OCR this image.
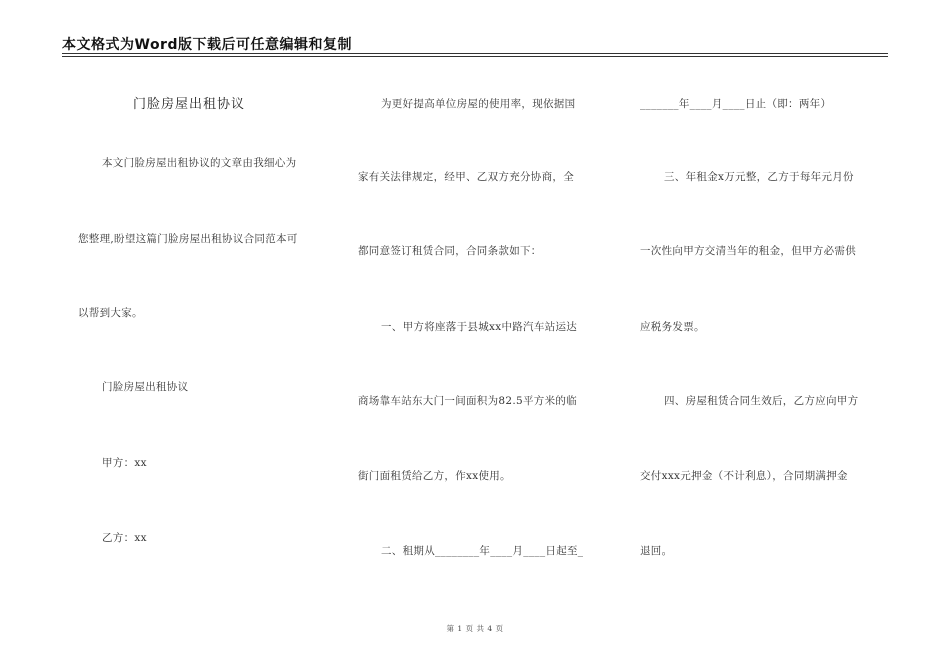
本文格式为Word版下载后可任意编辑和复制
门脸房屋出租协议
本文门脸房屋出租协议的文章由我细心为
您整理,盼望这篇门脸房屋出租协议合同范本可
以帮到大家。
门脸房屋出租协议
甲方：xx
乙方：xx
为更好提高单位房屋的使用率，现依据国
家有关法律规定，经甲、乙双方充分协商，全
都同意签订租赁合同，合同条款如下：
一、甲方将座落于县城xx中路汽车站运达
商场靠车站东大门一间面积为82.5平方米的临
街门面租赁给乙方，作xx使用。
二、租期从________年____月____日起至_
_______年____月____日止（即：两年）
三、年租金x万元整，乙方于每年元月份
一次性向甲方交清当年的租金，但甲方必需供
应税务发票。
四、房屋租赁合同生效后，乙方应向甲方
交付xxx元押金（不计利息），合同期满押金
退回。
第 1 页 共 4 页
